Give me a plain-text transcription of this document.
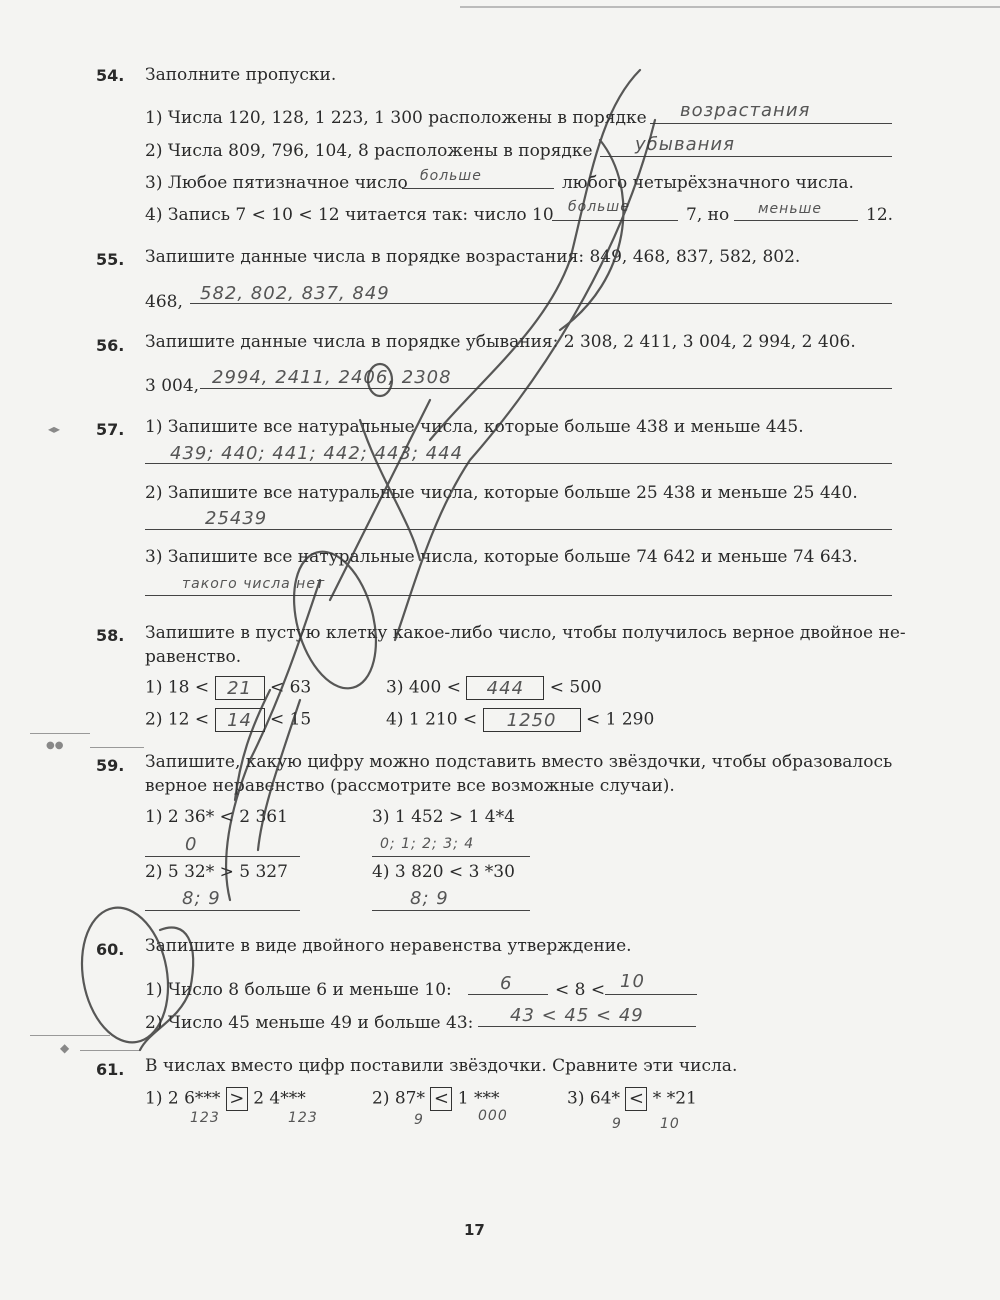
54. Заполните пропуски.
1) Числа 120, 128, 1 223, 1 300 расположены в порядке возрастания
2) Числа 809, 796, 104, 8 расположены в порядке убывания
3) Любое пятизначное число больше	любого четырёхзначного числа.
4) Запись 7 < 10 < 12 читается так: число 10 больше	7, но меньше	12.
55. Запишите данные числа в порядке возрастания: 849, 468, 837, 582, 802.
468, 582, 802, 837, 849
56. Запишите данные числа в порядке убывания: 2 308, 2 411, 3 004, 2 994, 2 406.
3 004, 2994, 2411, 2406, 2308
◂▸ 57. 1) Запишите все натуральные числа, которые больше 438 и меньше 445.
439; 440; 441; 442; 443; 444
2) Запишите все натуральные числа, которые больше 25 438 и меньше 25 440.
25439
3) Запишите все натуральные числа, которые больше 74 642 и меньше 74 643.
такого числа нет
58. Запишите в пустую клетку какое-либо число, чтобы получилось верное двойное не-
равенство.
1) 18 < 21	< 63
2) 12 < 14	< 15
3) 400 <	444	< 500
4) 1 210 <	1250	< 1 290
●●
59. Запишите, какую цифру можно подставить вместо звёздочки, чтобы образовалось
верное неравенство (рассмотрите все возможные случаи).
1) 2 36* < 2 361
0
2) 5 32* > 5 327
8; 9
3) 1 452 > 1 4*4
0; 1; 2; 3; 4
4) 3 820 < 3 *30
8; 9
60. Запишите в виде двойного неравенства утверждение.
1) Число 8 больше 6 и меньше 10:	6	< 8 < 10
2) Число 45 меньше 49 и больше 43: 43 < 45 < 49
◆
61. В числах вместо цифр поставили звёздочки. Сравните эти числа.
1) 2 6*** > 2 4***
123	123
2) 87* < 1 ***
9	000
3) 64* < * *21
9	10
17
